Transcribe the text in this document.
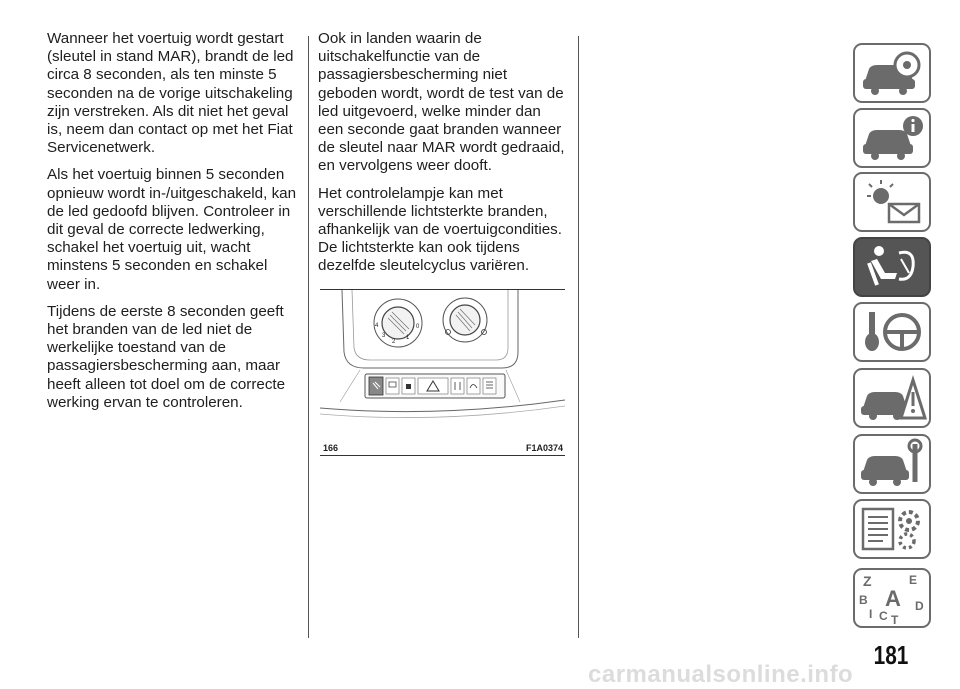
Wanneer het voertuig wordt gestart (sleutel in stand MAR), brandt de led circa 8 seconden, als ten minste 5 seconden na de vorige uitschakeling zijn verstreken. Als dit niet het geval is, neem dan contact op met het Fiat Servicenetwerk.

Als het voertuig binnen 5 seconden opnieuw wordt in-/uitgeschakeld, kan de led gedoofd blijven. Controleer in dit geval de correcte ledwerking, schakel het voertuig uit, wacht minstens 5 seconden en schakel weer in.

Tijdens de eerste 8 seconden geeft het branden van de led niet de werkelijke toestand van de passagiersbescherming aan, maar heeft alleen tot doel om de correcte werking ervan te controleren.

Ook in landen waarin de uitschakelfunctie van de passagiersbescherming niet geboden wordt, wordt de test van de led uitgevoerd, welke minder dan een seconde gaat branden wanneer de sleutel naar MAR wordt gedraaid, en vervolgens weer dooft.

Het controlelampje kan met verschillende lichtsterkte branden, afhankelijk van de voertuigcondities. De lichtsterkte kan ook tijdens dezelfde sleutelcyclus variëren.

4
3
2
1
0
166	F1A0374
Z	E
B A D
I C T
181
carmanualsonline.info
